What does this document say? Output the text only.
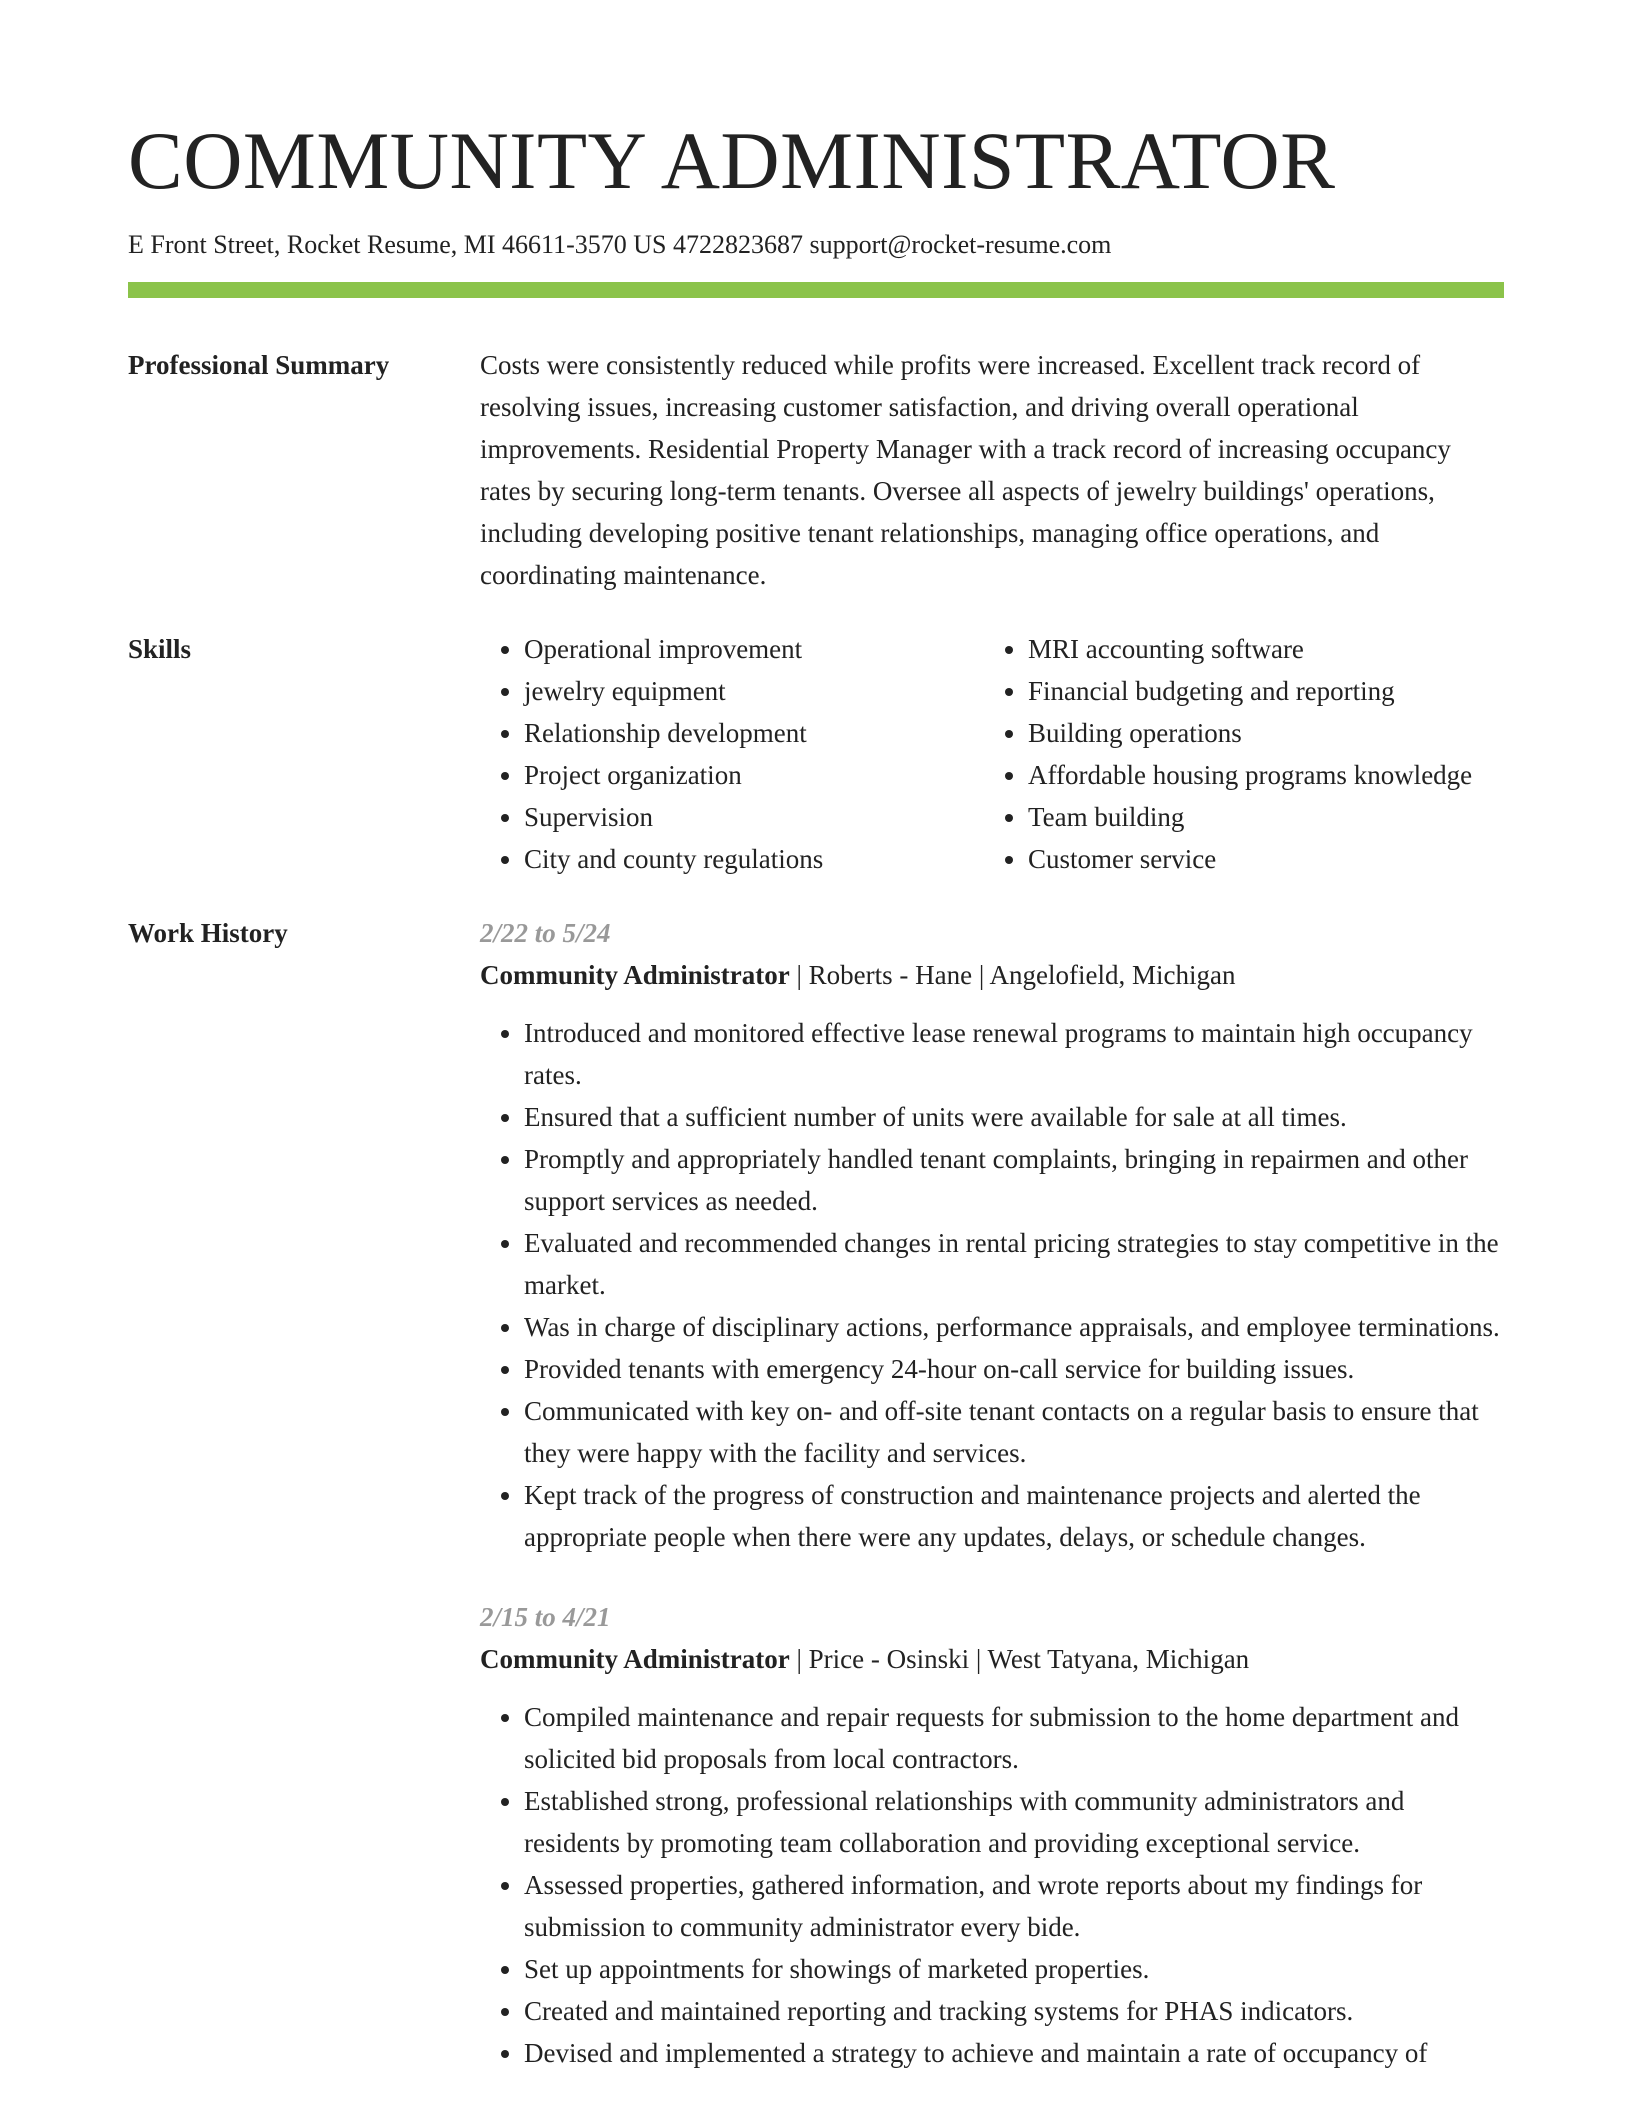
COMMUNITY ADMINISTRATOR
E Front Street, Rocket Resume, MI 46611-3570 US 4722823687 support@rocket-resume.com
Professional Summary	Costs were consistently reduced while profits were increased. Excellent track record of resolving issues, increasing customer satisfaction, and driving overall operational improvements. Residential Property Manager with a track record of increasing occupancy rates by securing long-term tenants. Oversee all aspects of jewelry buildings' operations, including developing positive tenant relationships, managing office operations, and coordinating maintenance.

Skills
•	Operational improvement
• jewelry equipment
• Relationship development
• Project organization
• Supervision
• City and county regulations
• MRI accounting software
• Financial budgeting and reporting
• Building operations
• Affordable housing programs knowledge
• Team building
• Customer service
Work History	2/22 to 5/24
Community Administrator | Roberts - Hane | Angelofield, Michigan
• Introduced and monitored effective lease renewal programs to maintain high occupancy rates.
• Ensured that a sufficient number of units were available for sale at all times.
• Promptly and appropriately handled tenant complaints, bringing in repairmen and other support services as needed.
• Evaluated and recommended changes in rental pricing strategies to stay competitive in the market.
• Was in charge of disciplinary actions, performance appraisals, and employee terminations.
• Provided tenants with emergency 24-hour on-call service for building issues.
• Communicated with key on- and off-site tenant contacts on a regular basis to ensure that they were happy with the facility and services.
• Kept track of the progress of construction and maintenance projects and alerted the appropriate people when there were any updates, delays, or schedule changes.
2/15 to 4/21
Community Administrator | Price - Osinski | West Tatyana, Michigan
• Compiled maintenance and repair requests for submission to the home department and solicited bid proposals from local contractors.
• Established strong, professional relationships with community administrators and residents by promoting team collaboration and providing exceptional service.
• Assessed properties, gathered information, and wrote reports about my findings for submission to community administrator every bide.
• Set up appointments for showings of marketed properties.
• Created and maintained reporting and tracking systems for PHAS indicators.
• Devised and implemented a strategy to achieve and maintain a rate of occupancy of
